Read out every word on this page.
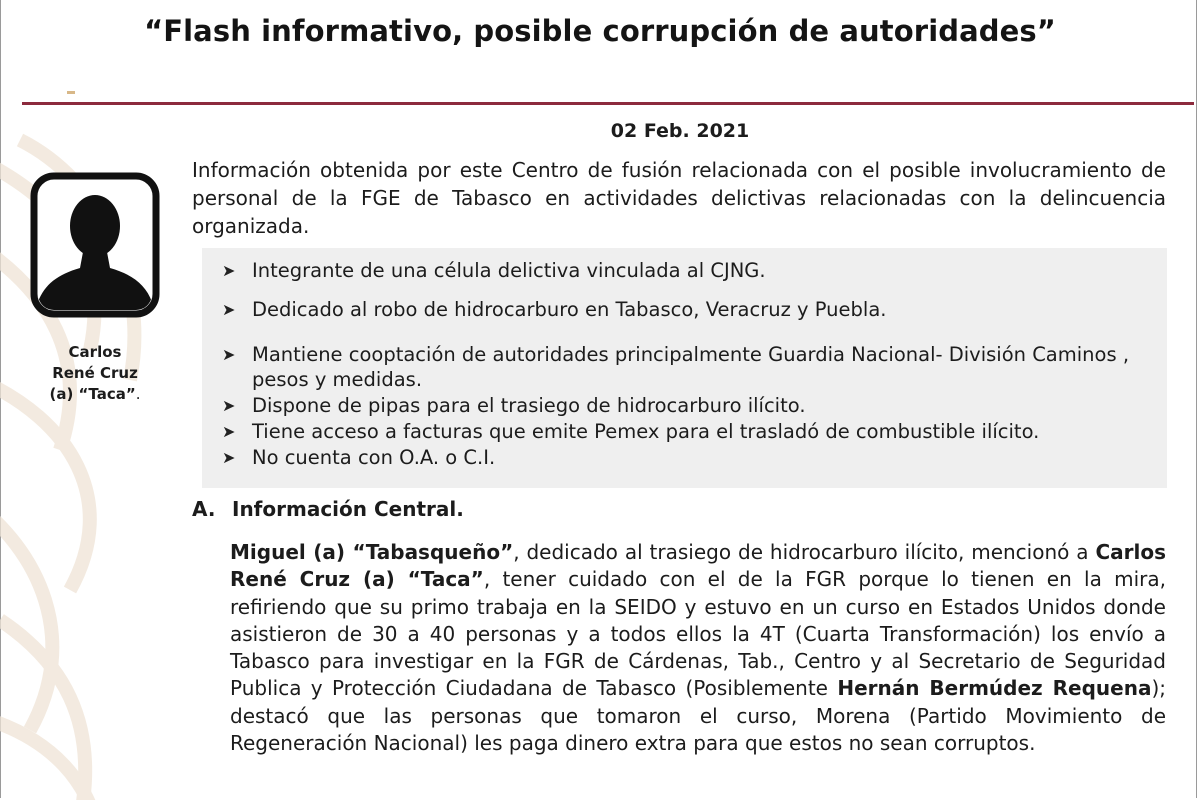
“Flash informativo, posible corrupción de autoridades”
02 Feb. 2021
Información obtenida por este Centro de fusión relacionada con el posible involucramiento de personal de la FGE de Tabasco en actividades delictivas relacionadas con la delincuencia organizada.
Carlos
René Cruz
(a) “Taca”.
➤ Integrante de una célula delictiva vinculada al CJNG.
➤ Dedicado al robo de hidrocarburo en Tabasco, Veracruz y Puebla.
➤ Mantiene cooptación de autoridades principalmente Guardia Nacional- División Caminos , pesos y medidas.
➤ Dispone de pipas para el trasiego de hidrocarburo ilícito.
➤ Tiene acceso a facturas que emite Pemex para el trasladó de combustible ilícito.
➤ No cuenta con O.A. o C.I.
A. Información Central.
Miguel (a) “Tabasqueño”, dedicado al trasiego de hidrocarburo ilícito, mencionó a Carlos René Cruz (a) “Taca”, tener cuidado con el de la FGR porque lo tienen en la mira, refiriendo que su primo trabaja en la SEIDO y estuvo en un curso en Estados Unidos donde asistieron de 30 a 40 personas y a todos ellos la 4T (Cuarta Transformación) los envío a Tabasco para investigar en la FGR de Cárdenas, Tab., Centro y al Secretario de Seguridad Publica y Protección Ciudadana de Tabasco (Posiblemente Hernán Bermúdez Requena); destacó que las personas que tomaron el curso, Morena (Partido Movimiento de Regeneración Nacional) les paga dinero extra para que estos no sean corruptos.
